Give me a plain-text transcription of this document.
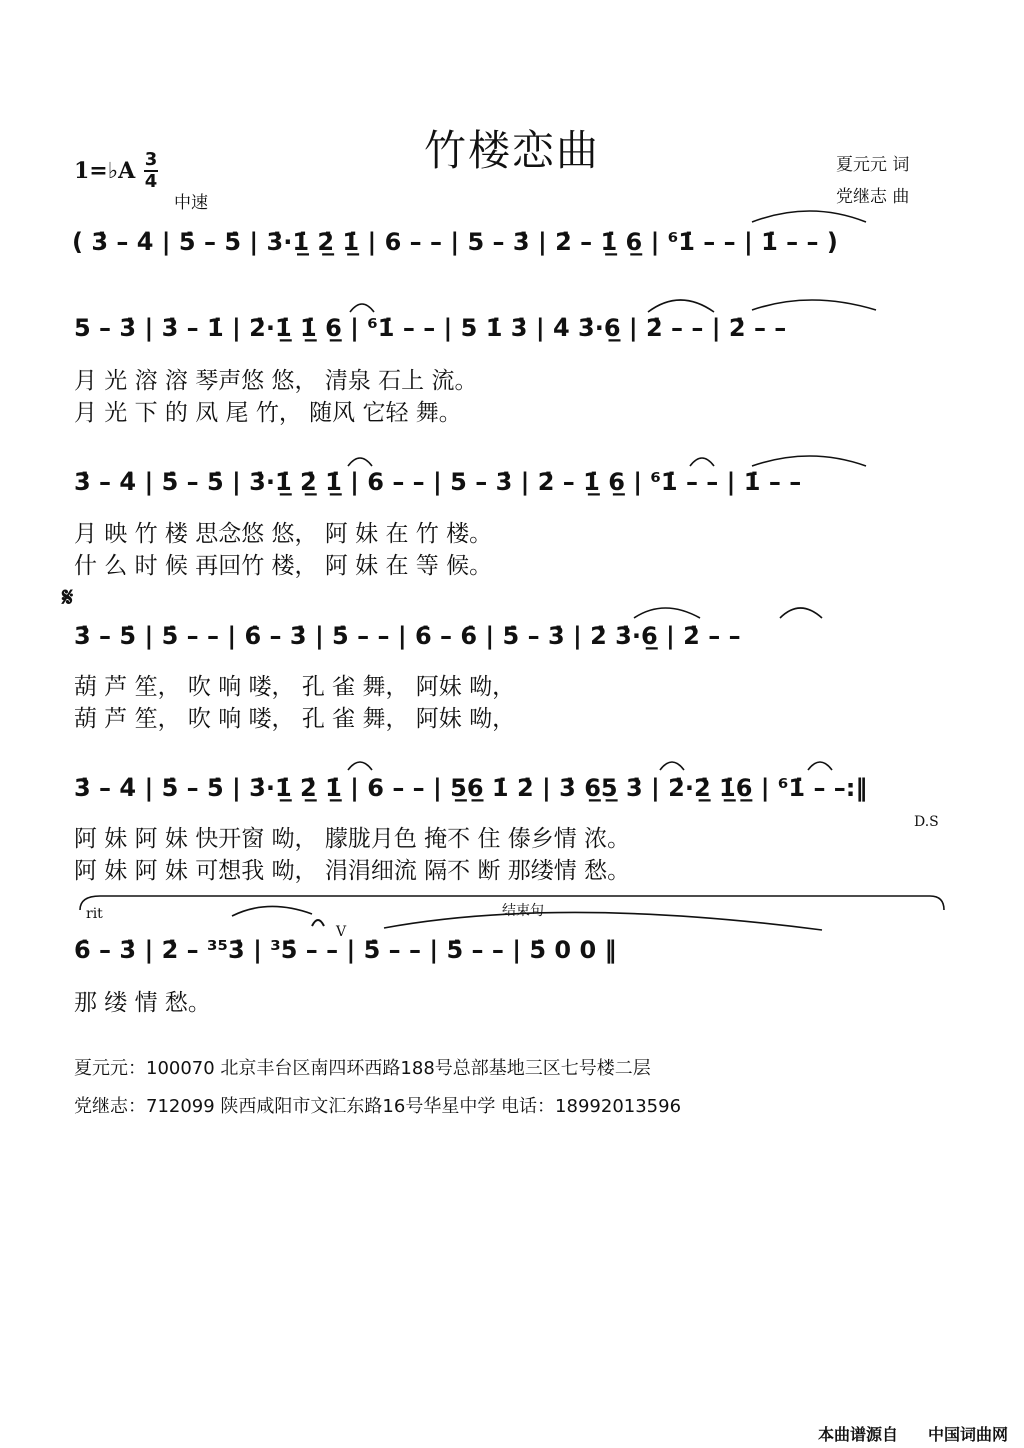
竹楼恋曲
1=♭A 3
4
中速
夏元元 词
党继志 曲
( 3̇ – 4̇ | 5̇ – 5̇ | 3̇·1̲̇ 2̲̇ 1̲̇ | 6 – – | 5 – 3̇ | 2̇ – 1̲̇ 6̲ | ⁶1̇ – – | 1̇ – – )
5 – 3̇ | 3̇ – 1̇ | 2̇·1̲̇ 1̲̇ 6̲ | ⁶1̇ – – | 5 1̇ 3̇ | 4̇ 3̇·6̲ | 2̇ – – | 2̇ – –
月 光 溶 溶 琴声悠 悠， 清泉 石上 流。
月 光 下 的 凤 尾 竹， 随风 它轻 舞。
3̇ – 4̇ | 5̇ – 5̇ | 3̇·1̲̇ 2̲̇ 1̲̇ | 6 – – | 5 – 3̇ | 2̇ – 1̲̇ 6̲ | ⁶1̇ – – | 1̇ – –
月 映 竹 楼 思念悠 悠， 阿 妹 在 竹 楼。
什 么 时 候 再回竹 楼， 阿 妹 在 等 候。
𝄋
3̇ – 5̇ | 5̇ – – | 6̇ – 3̇ | 5̇ – – | 6̇ – 6̇ | 5̇ – 3̇ | 2̇ 3̇·6̲ | 2̇ – –
葫 芦 笙， 吹 响 喽， 孔 雀 舞， 阿妹 呦，
葫 芦 笙， 吹 响 喽， 孔 雀 舞， 阿妹 呦，
3̇ – 4̇ | 5̇ – 5̇ | 3̇·1̲̇ 2̲̇ 1̲̇ | 6 – – | 5̲6̲ 1̇ 2̇ | 3̇ 6̲5̲ 3̇ | 2̇·2̲̇ 1̲̇6̲ | ⁶1̇ – –:‖
D.S
阿 妹 阿 妹 快开窗 呦， 朦胧月色 掩不 住 傣乡情 浓。
阿 妹 阿 妹 可想我 呦， 涓涓细流 隔不 断 那缕情 愁。
rit	结束句
V
6̇ – 3̇ | 2̇ – ³⁵3̇ | ³5̇ – – | 5̇ – – | 5̇ – – | 5̇ 0 0 ‖
那 缕 情 愁。
夏元元：100070 北京丰台区南四环西路188号总部基地三区七号楼二层
党继志：712099 陕西咸阳市文汇东路16号华星中学 电话：18992013596
本曲谱源自 中国词曲网
